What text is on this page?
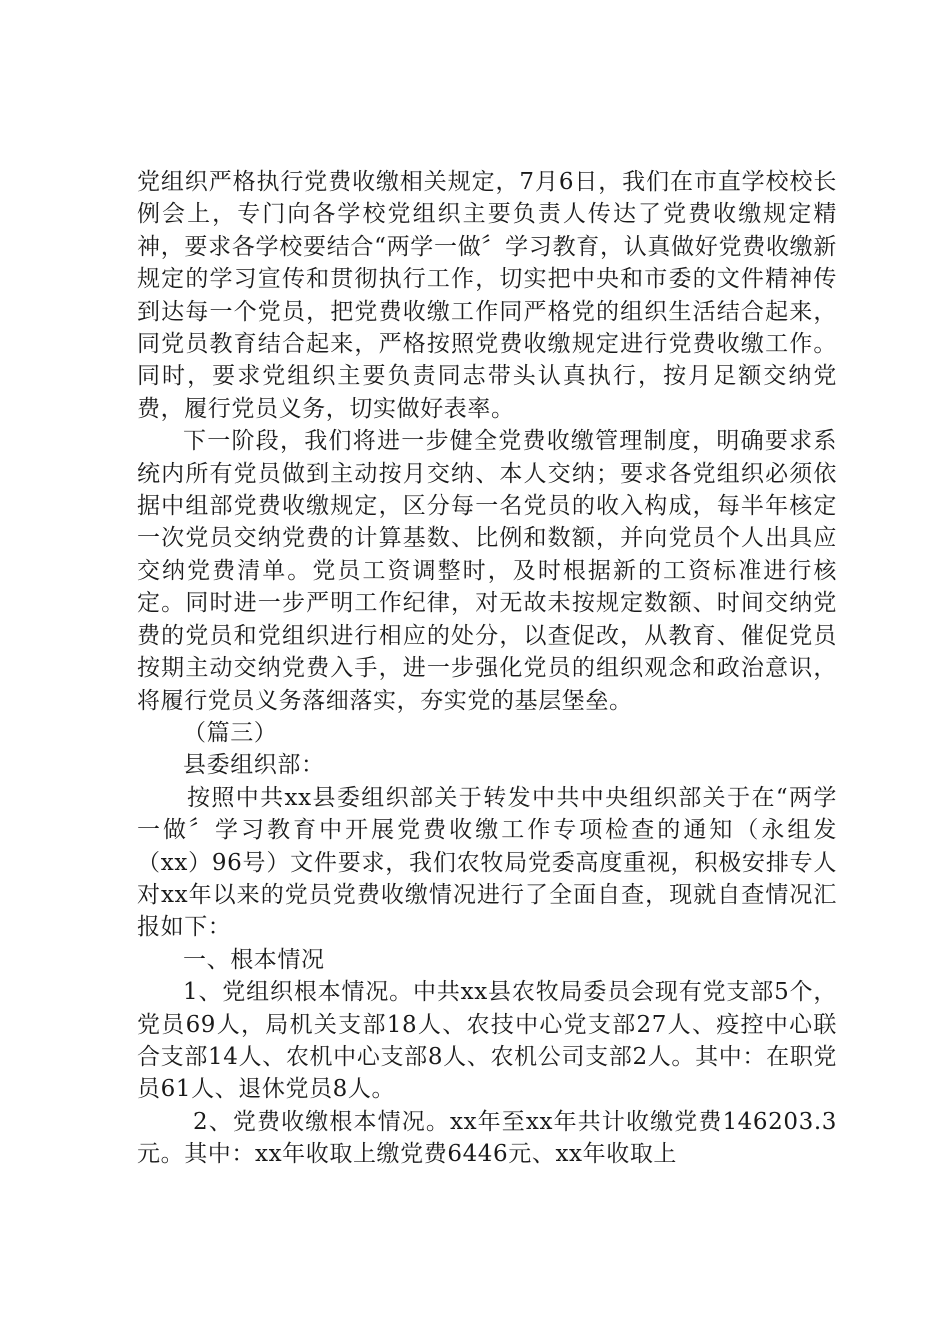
党组织严格执行党费收缴相关规定，7月6日，我们在市直学校校长例会上，专门向各学校党组织主要负责人传达了党费收缴规定精神，要求各学校要结合“两学一做〞学习教育，认真做好党费收缴新规定的学习宣传和贯彻执行工作，切实把中央和市委的文件精神传到达每一个党员，把党费收缴工作同严格党的组织生活结合起来，同党员教育结合起来，严格按照党费收缴规定进行党费收缴工作。同时，要求党组织主要负责同志带头认真执行，按月足额交纳党费，履行党员义务，切实做好表率。

下一阶段，我们将进一步健全党费收缴管理制度，明确要求系统内所有党员做到主动按月交纳、本人交纳；要求各党组织必须依据中组部党费收缴规定，区分每一名党员的收入构成，每半年核定一次党员交纳党费的计算基数、比例和数额，并向党员个人出具应交纳党费清单。党员工资调整时，及时根据新的工资标准进行核定。同时进一步严明工作纪律，对无故未按规定数额、时间交纳党费的党员和党组织进行相应的处分，以查促改，从教育、催促党员按期主动交纳党费入手，进一步强化党员的组织观念和政治意识，将履行党员义务落细落实，夯实党的基层堡垒。

（篇三）

县委组织部：

按照中共xx县委组织部关于转发中共中央组织部关于在“两学一做〞学习教育中开展党费收缴工作专项检查的通知（永组发（xx）96号）文件要求，我们农牧局党委高度重视，积极安排专人对xx年以来的党员党费收缴情况进行了全面自查，现就自查情况汇报如下：

一、根本情况

1、党组织根本情况。中共xx县农牧局委员会现有党支部5个，党员69人，局机关支部18人、农技中心党支部27人、疫控中心联合支部14人、农机中心支部8人、农机公司支部2人。其中：在职党员61人、退休党员8人。

2、党费收缴根本情况。xx年至xx年共计收缴党费146203.3元。其中：xx年收取上缴党费6446元、xx年收取上
